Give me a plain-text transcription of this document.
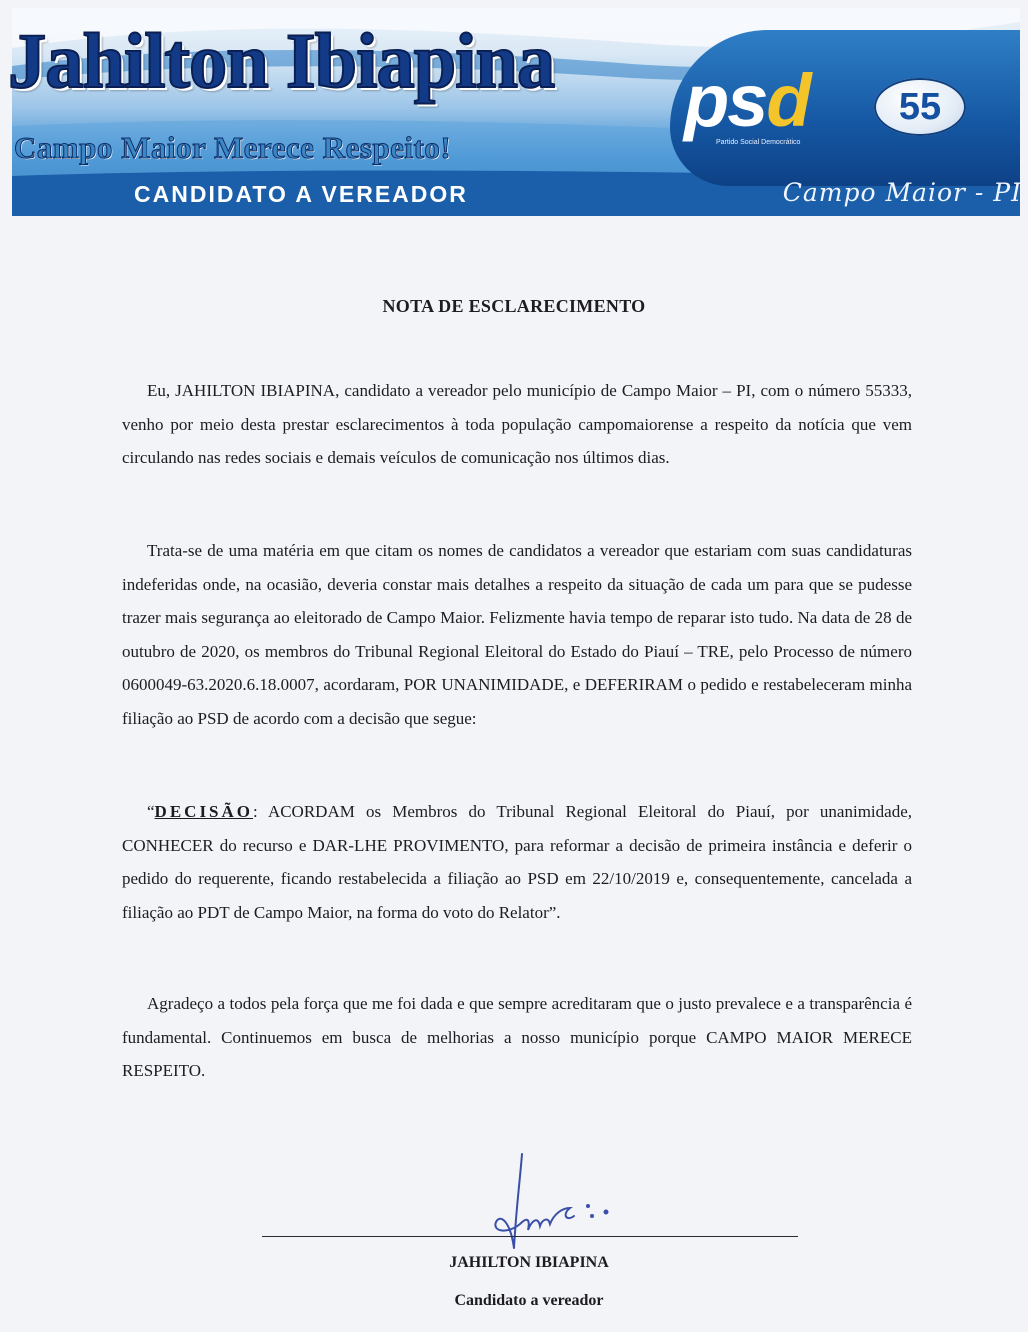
Jahilton Ibiapina
Campo Maior Merece Respeito!
CANDIDATO A VEREADOR	Campo Maior - PI
psd
Partido Social Democrático
55
NOTA DE ESCLARECIMENTO

Eu, JAHILTON IBIAPINA, candidato a vereador pelo município de Campo Maior – PI, com o número 55333, venho por meio desta prestar esclarecimentos à toda população campomaiorense a respeito da notícia que vem circulando nas redes sociais e demais veículos de comunicação nos últimos dias.

Trata-se de uma matéria em que citam os nomes de candidatos a vereador que estariam com suas candidaturas indeferidas onde, na ocasião, deveria constar mais detalhes a respeito da situação de cada um para que se pudesse trazer mais segurança ao eleitorado de Campo Maior. Felizmente havia tempo de reparar isto tudo. Na data de 28 de outubro de 2020, os membros do Tribunal Regional Eleitoral do Estado do Piauí – TRE, pelo Processo de número 0600049-63.2020.6.18.0007, acordaram, POR UNANIMIDADE, e DEFERIRAM o pedido e restabeleceram minha filiação ao PSD de acordo com a decisão que segue:

“DECISÃO: ACORDAM os Membros do Tribunal Regional Eleitoral do Piauí, por unanimidade, CONHECER do recurso e DAR-LHE PROVIMENTO, para reformar a decisão de primeira instância e deferir o pedido do requerente, ficando restabelecida a filiação ao PSD em 22/10/2019 e, consequentemente, cancelada a filiação ao PDT de Campo Maior, na forma do voto do Relator”.

Agradeço a todos pela força que me foi dada e que sempre acreditaram que o justo prevalece e a transparência é fundamental. Continuemos em busca de melhorias a nosso município porque CAMPO MAIOR MERECE RESPEITO.

JAHILTON IBIAPINA
Candidato a vereador
